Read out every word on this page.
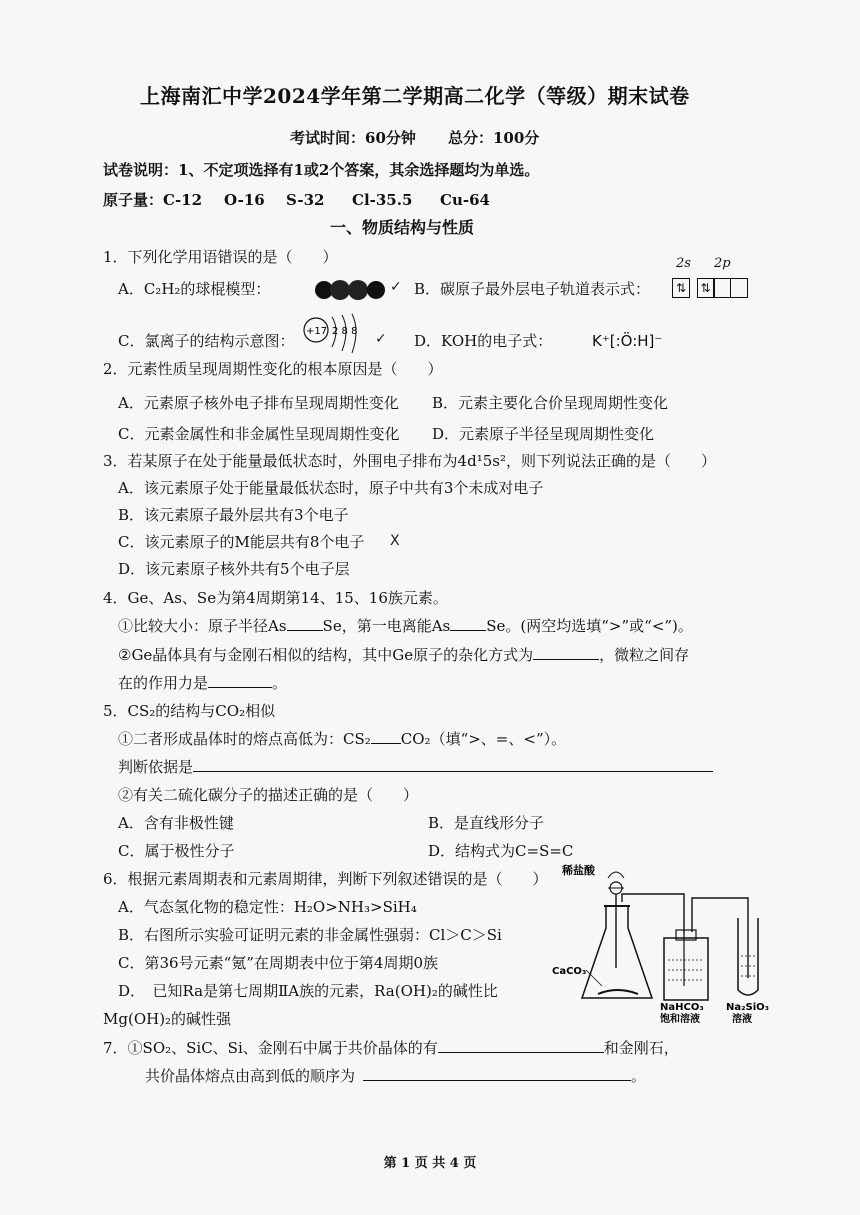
上海南汇中学2024学年第二学期高二化学（等级）期末试卷
考试时间：60分钟 总分：100分
试卷说明：1、不定项选择有1或2个答案，其余选择题均为单选。
原子量：C-12 O-16 S-32 Cl-35.5 Cu-64
一、物质结构与性质
1．下列化学用语错误的是（　　）
A．C₂H₂的球棍模型：	✓ B．碳原子最外层电子轨道表示式：
2s 2p
⇅	⇅
C．氯离子的结构示意图：
+17 2 8 8 ✓ D．KOH的电子式：	K⁺[:Ö:H]⁻
2．元素性质呈现周期性变化的根本原因是（　　）
A．元素原子核外电子排布呈现周期性变化 B．元素主要化合价呈现周期性变化
C．元素金属性和非金属性呈现周期性变化 D．元素原子半径呈现周期性变化
3．若某原子在处于能量最低状态时，外围电子排布为4d¹5s²，则下列说法正确的是（　　）
A．该元素原子处于能量最低状态时，原子中共有3个未成对电子
B．该元素原子最外层共有3个电子
C．该元素原子的M能层共有8个电子 X
D．该元素原子核外共有5个电子层
4．Ge、As、Se为第4周期第14、15、16族元素。
①比较大小：原子半径As Se，第一电离能As Se。(两空均选填“>”或“<”)。
②Ge晶体具有与金刚石相似的结构，其中Ge原子的杂化方式为	，微粒之间存
在的作用力是	。
5．CS₂的结构与CO₂相似
①二者形成晶体时的熔点高低为：CS₂ CO₂（填“>、=、<”）。
判断依据是
②有关二硫化碳分子的描述正确的是（　　）
A．含有非极性键	B．是直线形分子
C．属于极性分子	D．结构式为C=S=C
6．根据元素周期表和元素周期律，判断下列叙述错误的是（　　）
A．气态氢化物的稳定性：H₂O>NH₃>SiH₄
B．右图所示实验可证明元素的非金属性强弱：Cl＞C＞Si
C．第36号元素“氪”在周期表中位于第4周期0族
D．　已知Ra是第七周期ⅡA族的元素，Ra(OH)₂的碱性比
Mg(OH)₂的碱性强
稀盐酸
CaCO₃
NaHCO₃
饱和溶液
Na₂SiO₃
溶液
7．①SO₂、SiC、Si、金刚石中属于共价晶体的有	和金刚石，
共价晶体熔点由高到低的顺序为	。
第 1 页 共 4 页
